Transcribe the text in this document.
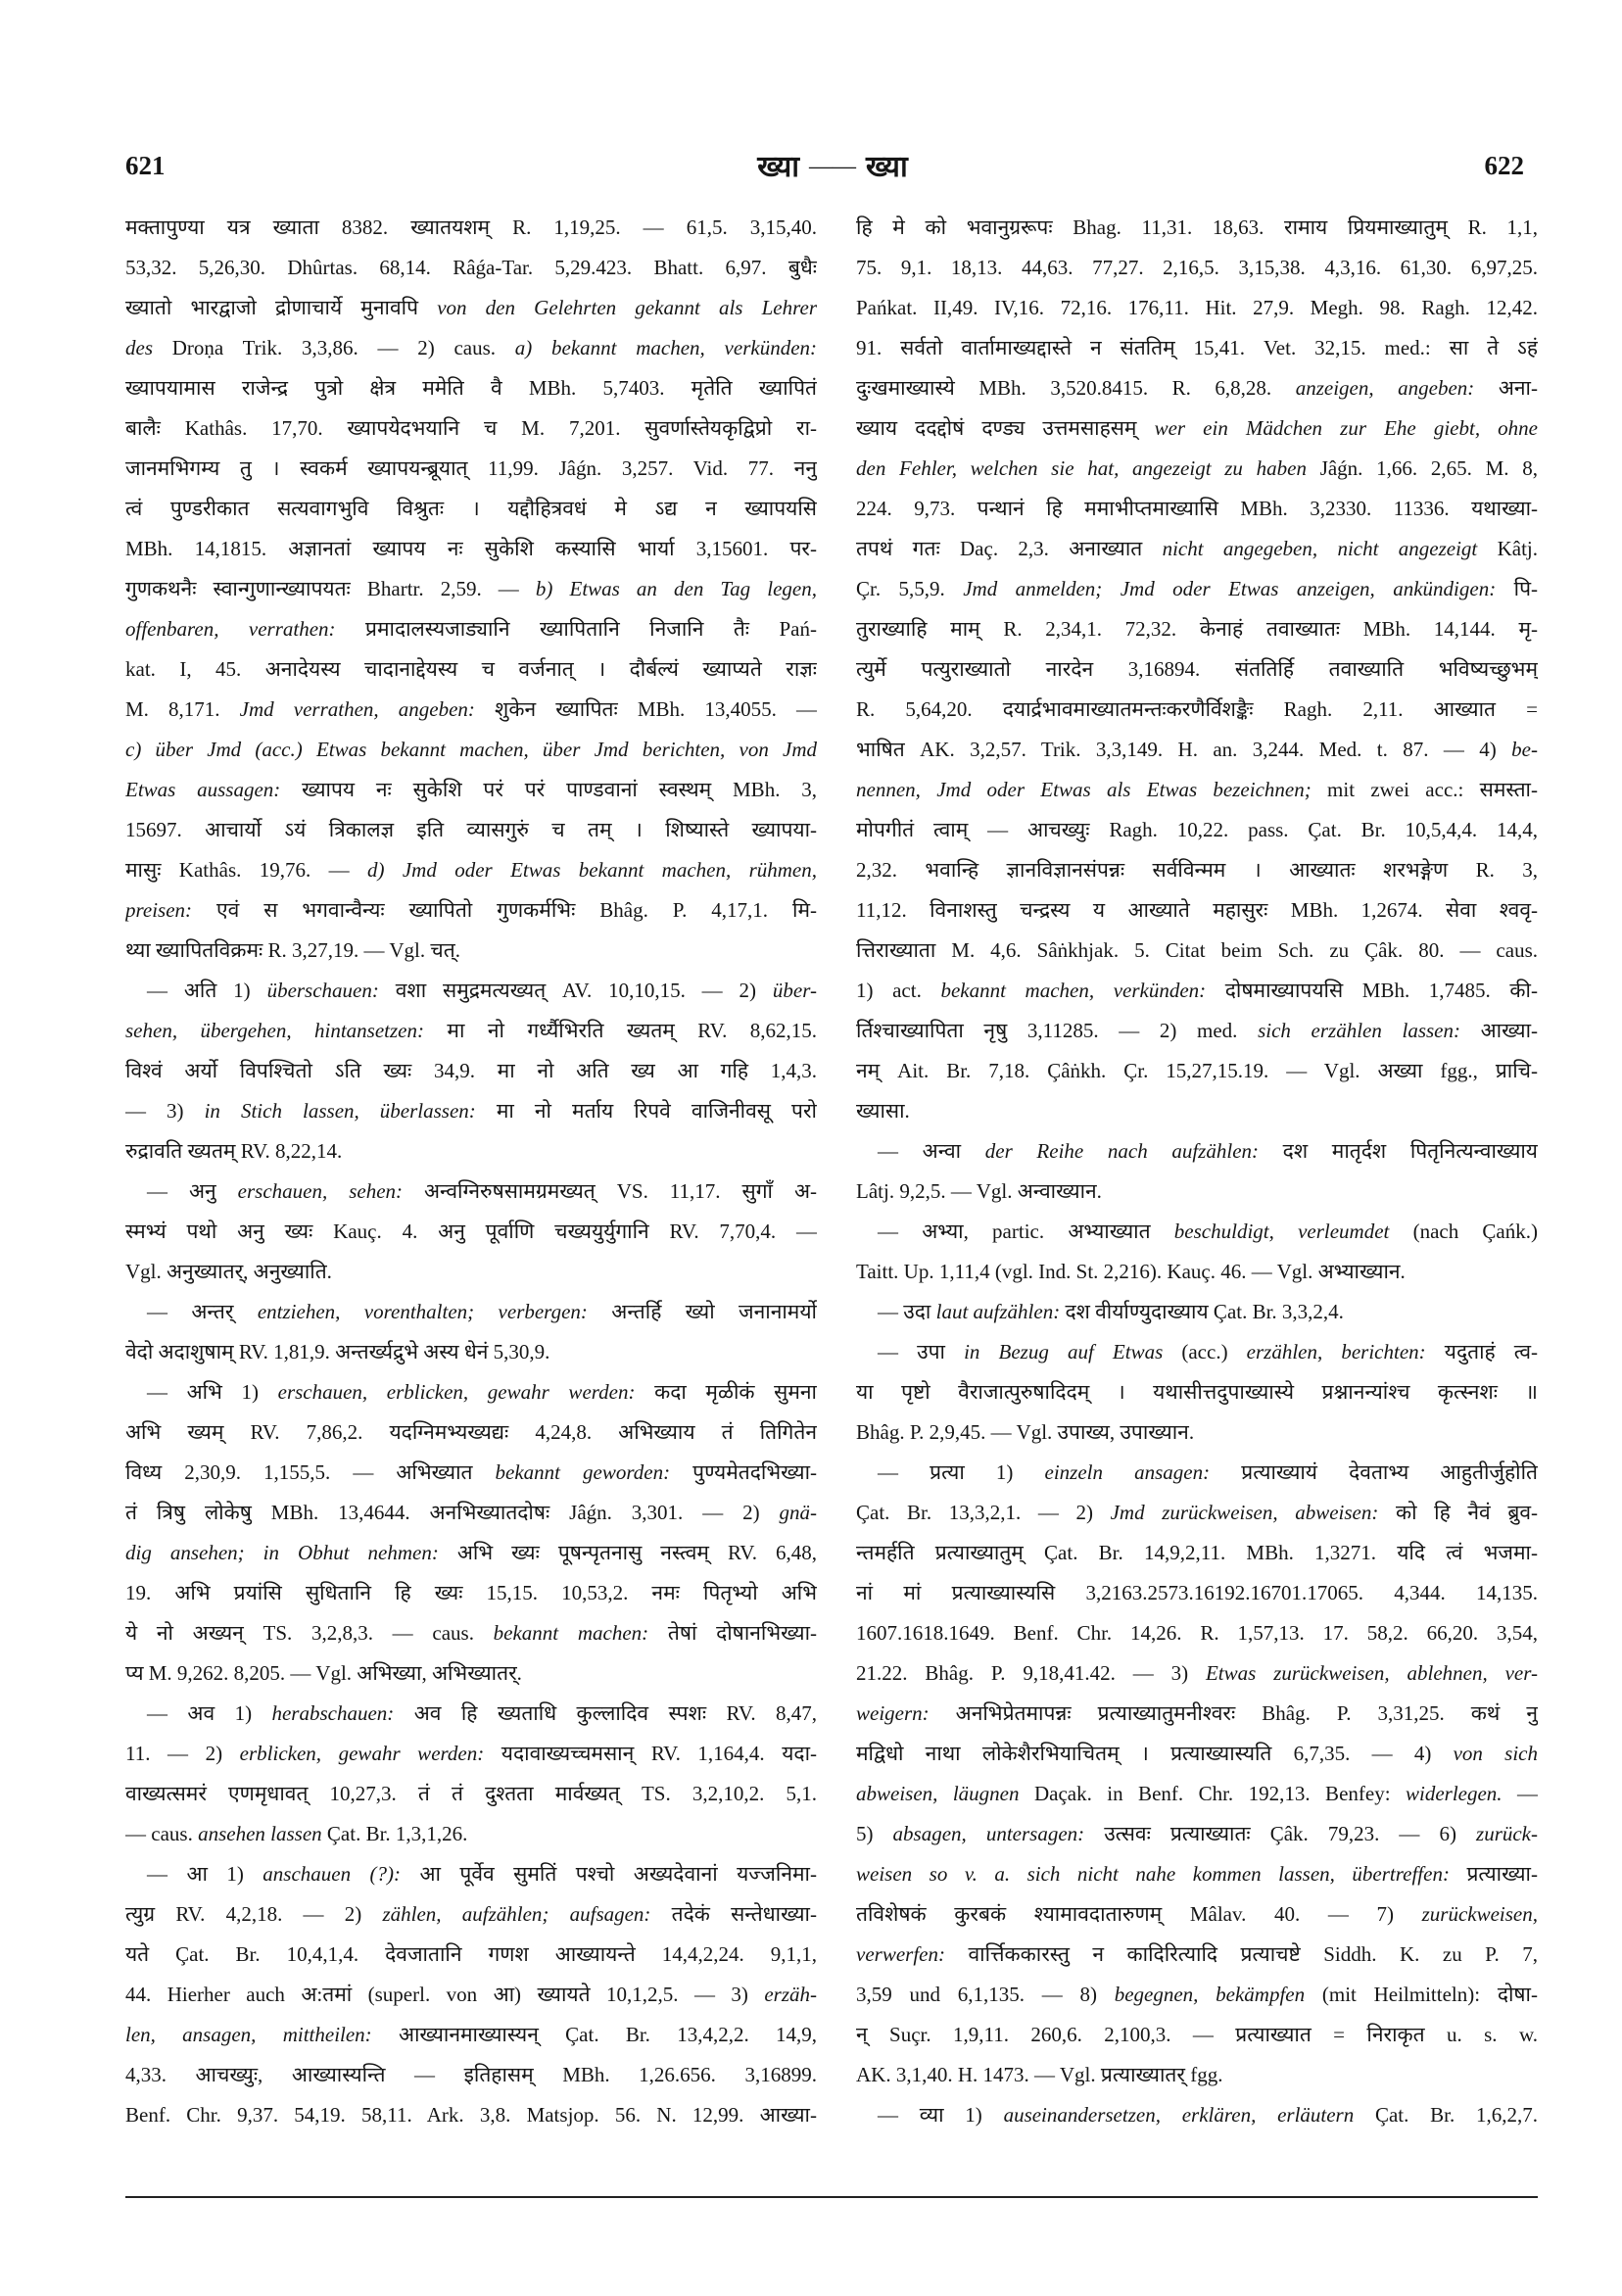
621	ख्या —— ख्या	622
मक्तापुण्या यत्र ख्याता 8382. ख्यातयशम् R. 1,19,25. — 61,5. 3,15,40.
53,32. 5,26,30. Dhûrtas. 68,14. Râǵa-Tar. 5,29.423. Bhatt. 6,97. बुधैः
ख्यातो भारद्वाजो द्रोणाचार्ये मुनावपि von den Gelehrten gekannt als Lehrer
des Droṇa Trik. 3,3,86. — 2) caus. a) bekannt machen, verkünden:
ख्यापयामास राजेन्द्र पुत्रो क्षेत्र ममेति वै MBh. 5,7403. मृतेति ख्यापितं
बालैः Kathâs. 17,70. ख्यापयेदभयानि च M. 7,201. सुवर्णास्तेयकृद्विप्रो रा-
जानमभिगम्य तु । स्वकर्म ख्यापयन्ब्रूयात् 11,99. Jâǵn. 3,257. Vid. 77. ननु
त्वं पुण्डरीकात सत्यवागभुवि विश्रुतः । यद्दौहित्रवधं मे ऽद्य न ख्यापयसि
MBh. 14,1815. अज्ञानतां ख्यापय नः सुकेशि कस्यासि भार्या 3,15601. पर-
गुणकथनैः स्वान्गुणान्ख्यापयतः Bhartr. 2,59. — b) Etwas an den Tag legen,
offenbaren, verrathen: प्रमादालस्यजाड्यानि ख्यापितानि निजानि तैः Pań-
kat. I, 45. अनादेयस्य चादानाद्देयस्य च वर्जनात् । दौर्बल्यं ख्याप्यते राज्ञः
M. 8,171. Jmd verrathen, angeben: शुकेन ख्यापितः MBh. 13,4055. —
c) über Jmd (acc.) Etwas bekannt machen, über Jmd berichten, von Jmd
Etwas aussagen: ख्यापय नः सुकेशि परं परं पाण्डवानां स्वस्थम् MBh. 3,
15697. आचार्यो ऽयं त्रिकालज्ञ इति व्यासगुरुं च तम् । शिष्यास्ते ख्यापया-
मासुः Kathâs. 19,76. — d) Jmd oder Etwas bekannt machen, rühmen,
preisen: एवं स भगवान्वैन्यः ख्यापितो गुणकर्मभिः Bhâg. P. 4,17,1. मि-
थ्या ख्यापितविक्रमः R. 3,27,19. — Vgl. चत्.
— अति 1) überschauen: वशा समुद्रमत्यख्यत् AV. 10,10,15. — 2) über-
sehen, übergehen, hintansetzen: मा नो गर्ध्यैभिरति ख्यतम् RV. 8,62,15.
विश्वं अर्यो विपश्चितो ऽति ख्यः 34,9. मा नो अति ख्य आ गहि 1,4,3.
— 3) in Stich lassen, überlassen: मा नो मर्ताय रिपवे वाजिनीवसू परो
रुद्रावति ख्यतम् RV. 8,22,14.
— अनु erschauen, sehen: अन्वग्निरुषसामग्रमख्यत् VS. 11,17. सुगाँ अ-
स्मभ्यं पथो अनु ख्यः Kauç. 4. अनु पूर्वाणि चख्ययुर्युगानि RV. 7,70,4. —
Vgl. अनुख्यातर्, अनुख्याति.
— अन्तर् entziehen, vorenthalten; verbergen: अन्तर्हि ख्यो जनानामर्यो
वेदो अदाशुषाम् RV. 1,81,9. अन्तर्ख्यद्रुभे अस्य धेनं 5,30,9.
— अभि 1) erschauen, erblicken, gewahr werden: कदा मृळीकं सुमना
अभि ख्यम् RV. 7,86,2. यदग्निमभ्यख्यद्यः 4,24,8. अभिख्याय तं तिगितेन
विध्य 2,30,9. 1,155,5. — अभिख्यात bekannt geworden: पुण्यमेतदभिख्या-
तं त्रिषु लोकेषु MBh. 13,4644. अनभिख्यातदोषः Jâǵn. 3,301. — 2) gnä-
dig ansehen; in Obhut nehmen: अभि ख्यः पूषन्पृतनासु नस्त्वम् RV. 6,48,
19. अभि प्रयांसि सुधितानि हि ख्यः 15,15. 10,53,2. नमः पितृभ्यो अभि
ये नो अख्यन् TS. 3,2,8,3. — caus. bekannt machen: तेषां दोषानभिख्या-
प्य M. 9,262. 8,205. — Vgl. अभिख्या, अभिख्यातर्.
— अव 1) herabschauen: अव हि ख्यताधि कुल्लादिव स्पशः RV. 8,47,
11. — 2) erblicken, gewahr werden: यदावाख्यच्चमसान् RV. 1,164,4. यदा-
वाख्यत्समरं एणमृधावत् 10,27,3. तं तं दुश्तता मार्वख्यत् TS. 3,2,10,2. 5,1.
— caus. ansehen lassen Çat. Br. 1,3,1,26.
— आ 1) anschauen (?): आ पूर्वेव सुमतिं पश्चो अख्यदेवानां यज्जनिमा-
त्युग्र RV. 4,2,18. — 2) zählen, aufzählen; aufsagen: तदेकं सन्तेधाख्या-
यते Çat. Br. 10,4,1,4. देवजातानि गणश आख्यायन्ते 14,4,2,24. 9,1,1,
44. Hierher auch अ:तमां (superl. von आ) ख्यायते 10,1,2,5. — 3) erzäh-
len, ansagen, mittheilen: आख्यानमाख्यास्यन् Çat. Br. 13,4,2,2. 14,9,
4,33. आचख्युः, आख्यास्यन्ति — इतिहासम् MBh. 1,26.656. 3,16899.
Benf. Chr. 9,37. 54,19. 58,11. Ark. 3,8. Matsjop. 56. N. 12,99. आख्या-
हि मे को भवानुग्ररूपः Bhag. 11,31. 18,63. रामाय प्रियमाख्यातुम् R. 1,1,
75. 9,1. 18,13. 44,63. 77,27. 2,16,5. 3,15,38. 4,3,16. 61,30. 6,97,25.
Pańkat. II,49. IV,16. 72,16. 176,11. Hit. 27,9. Megh. 98. Ragh. 12,42.
91. सर्वतो वार्तामाख्यद्दास्ते न संततिम् 15,41. Vet. 32,15. med.: सा ते ऽहं
दुःखमाख्यास्ये MBh. 3,520.8415. R. 6,8,28. anzeigen, angeben: अना-
ख्याय ददद्दोषं दण्ड्य उत्तमसाहसम् wer ein Mädchen zur Ehe giebt, ohne
den Fehler, welchen sie hat, angezeigt zu haben Jâǵn. 1,66. 2,65. M. 8,
224. 9,73. पन्थानं हि ममाभीप्तमाख्यासि MBh. 3,2330. 11336. यथाख्या-
तपथं गतः Daç. 2,3. अनाख्यात nicht angegeben, nicht angezeigt Kâtj.
Çr. 5,5,9. Jmd anmelden; Jmd oder Etwas anzeigen, ankündigen: पि-
तुराख्याहि माम् R. 2,34,1. 72,32. केनाहं तवाख्यातः MBh. 14,144. मृ-
त्युर्मे पत्युराख्यातो नारदेन 3,16894. संततिर्हि तवाख्याति भविष्यच्छुभम्
R. 5,64,20. दयार्द्रभावमाख्यातमन्तःकरणैर्विशङ्कैः Ragh. 2,11. आख्यात =
भाषित AK. 3,2,57. Trik. 3,3,149. H. an. 3,244. Med. t. 87. — 4) be-
nennen, Jmd oder Etwas als Etwas bezeichnen; mit zwei acc.: समस्ता-
मोपगीतं त्वाम् — आचख्युः Ragh. 10,22. pass. Çat. Br. 10,5,4,4. 14,4,
2,32. भवान्हि ज्ञानविज्ञानसंपन्नः सर्वविन्मम । आख्यातः शरभङ्गेण R. 3,
11,12. विनाशस्तु चन्द्रस्य य आख्याते महासुरः MBh. 1,2674. सेवा श्ववृ-
त्तिराख्याता M. 4,6. Sâṅkhjak. 5. Citat beim Sch. zu Çâk. 80. — caus.
1) act. bekannt machen, verkünden: दोषमाख्यापयसि MBh. 1,7485. की-
र्तिश्चाख्यापिता नृषु 3,11285. — 2) med. sich erzählen lassen: आख्या-
नम् Ait. Br. 7,18. Çâṅkh. Çr. 15,27,15.19. — Vgl. अख्या fgg., प्राचि-
ख्यासा.
— अन्वा der Reihe nach aufzählen: दश मातृर्दश पितृनित्यन्वाख्याय
Lâtj. 9,2,5. — Vgl. अन्वाख्यान.
— अभ्या, partic. अभ्याख्यात beschuldigt, verleumdet (nach Çańk.)
Taitt. Up. 1,11,4 (vgl. Ind. St. 2,216). Kauç. 46. — Vgl. अभ्याख्यान.
— उदा laut aufzählen: दश वीर्याण्युदाख्याय Çat. Br. 3,3,2,4.
— उपा in Bezug auf Etwas (acc.) erzählen, berichten: यदुताहं त्व-
या पृष्टो वैराजात्पुरुषादिदम् । यथासीत्तदुपाख्यास्ये प्रश्नानन्यांश्च कृत्स्नशः ॥
Bhâg. P. 2,9,45. — Vgl. उपाख्य, उपाख्यान.
— प्रत्या 1) einzeln ansagen: प्रत्याख्यायं देवताभ्य आहुतीर्जुहोति
Çat. Br. 13,3,2,1. — 2) Jmd zurückweisen, abweisen: को हि नैवं ब्रुव-
न्तमर्हति प्रत्याख्यातुम् Çat. Br. 14,9,2,11. MBh. 1,3271. यदि त्वं भजमा-
नां मां प्रत्याख्यास्यसि 3,2163.2573.16192.16701.17065. 4,344. 14,135.
1607.1618.1649. Benf. Chr. 14,26. R. 1,57,13. 17. 58,2. 66,20. 3,54,
21.22. Bhâg. P. 9,18,41.42. — 3) Etwas zurückweisen, ablehnen, ver-
weigern: अनभिप्रेतमापन्नः प्रत्याख्यातुमनीश्वरः Bhâg. P. 3,31,25. कथं नु
मद्विधो नाथा लोकेशैरभियाचितम् । प्रत्याख्यास्यति 6,7,35. — 4) von sich
abweisen, läugnen Daçak. in Benf. Chr. 192,13. Benfey: widerlegen. —
5) absagen, untersagen: उत्सवः प्रत्याख्यातः Çâk. 79,23. — 6) zurück-
weisen so v. a. sich nicht nahe kommen lassen, übertreffen: प्रत्याख्या-
तविशेषकं कुरबकं श्यामावदातारुणम् Mâlav. 40. — 7) zurückweisen,
verwerfen: वार्त्तिककारस्तु न कादिरित्यादि प्रत्याचष्टे Siddh. K. zu P. 7,
3,59 und 6,1,135. — 8) begegnen, bekämpfen (mit Heilmitteln): दोषा-
न् Suçr. 1,9,11. 260,6. 2,100,3. — प्रत्याख्यात = निराकृत u. s. w.
AK. 3,1,40. H. 1473. — Vgl. प्रत्याख्यातर् fgg.
— व्या 1) auseinandersetzen, erklären, erläutern Çat. Br. 1,6,2,7.
